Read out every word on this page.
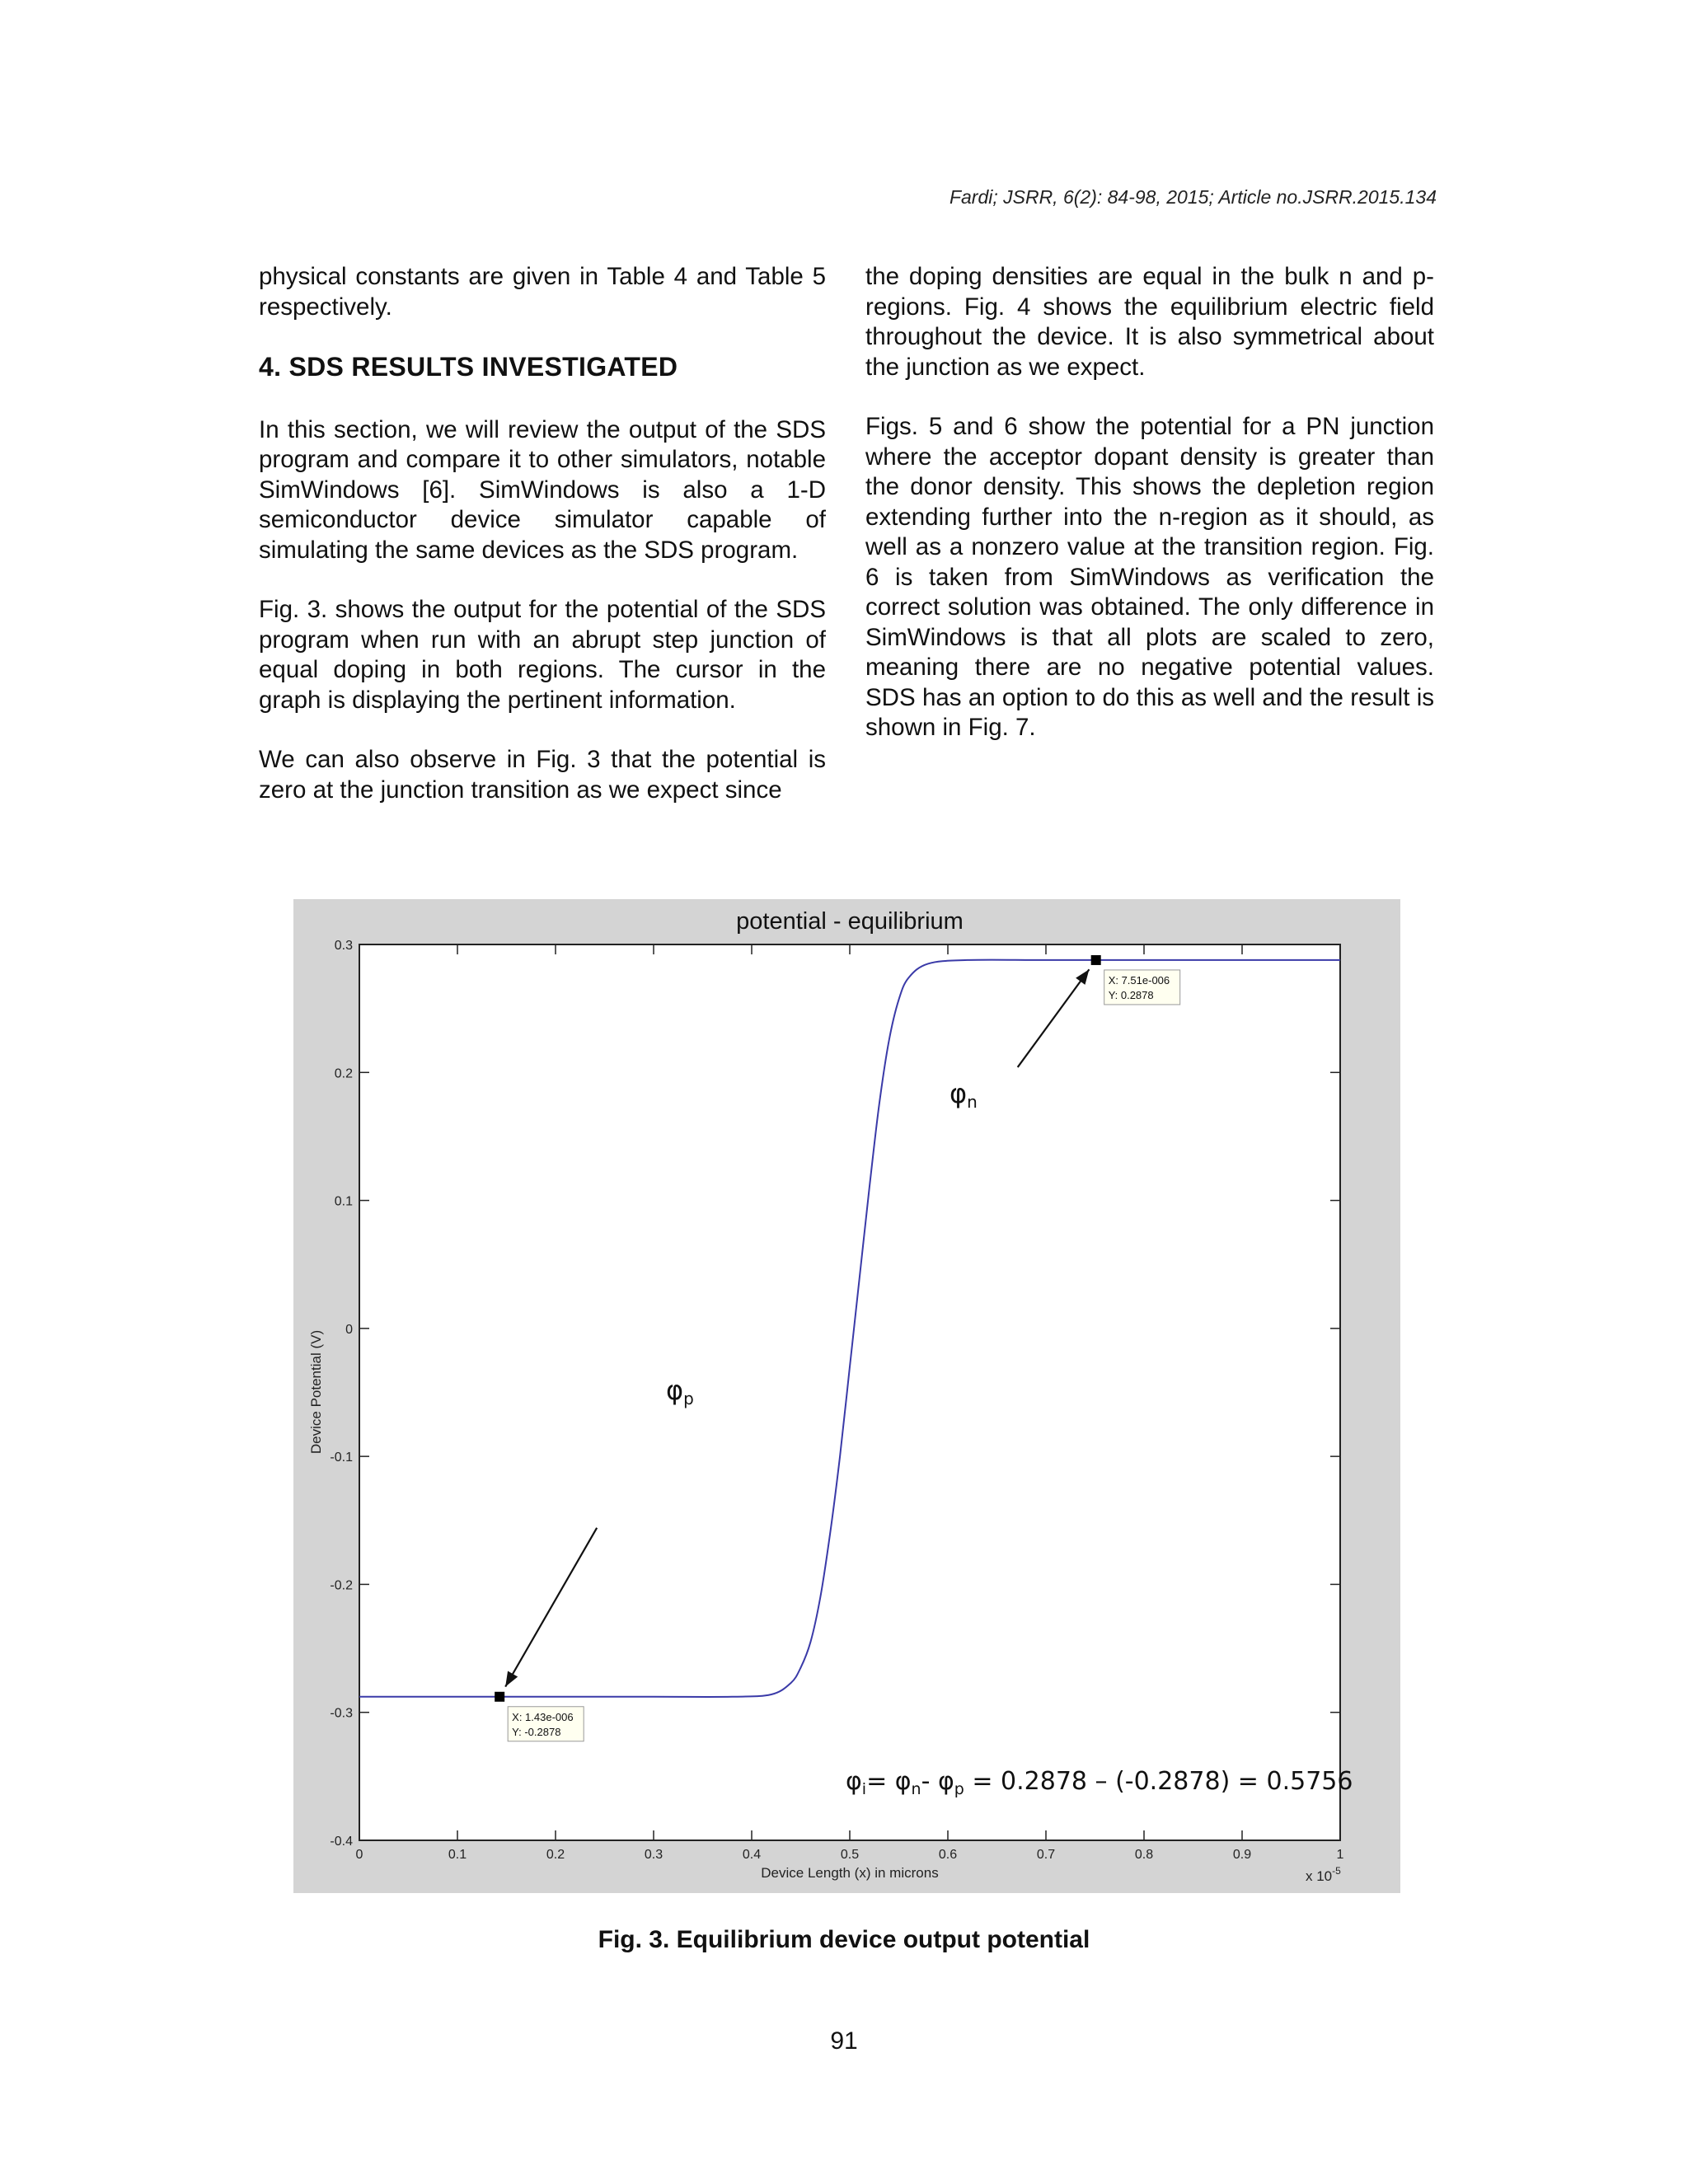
Fardi; JSRR, 6(2): 84-98, 2015; Article no.JSRR.2015.134

physical constants are given in Table 4 and Table 5 respectively.

4. SDS RESULTS INVESTIGATED

In this section, we will review the output of the SDS program and compare it to other simulators, notable SimWindows [6]. SimWindows is also a 1-D semiconductor device simulator capable of simulating the same devices as the SDS program.

Fig. 3. shows the output for the potential of the SDS program when run with an abrupt step junction of equal doping in both regions. The cursor in the graph is displaying the pertinent information.

We can also observe in Fig. 3 that the potential is zero at the junction transition as we expect since

the doping densities are equal in the bulk n and p-regions. Fig. 4 shows the equilibrium electric field throughout the device. It is also symmetrical about the junction as we expect.

Figs. 5 and 6 show the potential for a PN junction where the acceptor dopant density is greater than the donor density. This shows the depletion region extending further into the n-region as it should, as well as a nonzero value at the transition region. Fig. 6 is taken from SimWindows as verification the correct solution was obtained. The only difference in SimWindows is that all plots are scaled to zero, meaning there are no negative potential values. SDS has an option to do this as well and the result is shown in Fig. 7.

potential - equilibrium
0	0.1	0.2	0.3	0.4	0.5	0.6	0.7	0.8	0.9	1
0.3
0.2
0.1
0
-0.1
-0.2
-0.3
-0.4
Device Length (x) in microns
Device Potential (V)
x $10^{-5}$
X: 7.51e-006
Y: 0.2878
X: 1.43e-006
Y: -0.2878
φn
φp
$\varphi_i= \varphi_n-$ $\varphi_p = 0.2878 - (-0.2878) = 0.5756$
Fig. 3. Equilibrium device output potential
91
